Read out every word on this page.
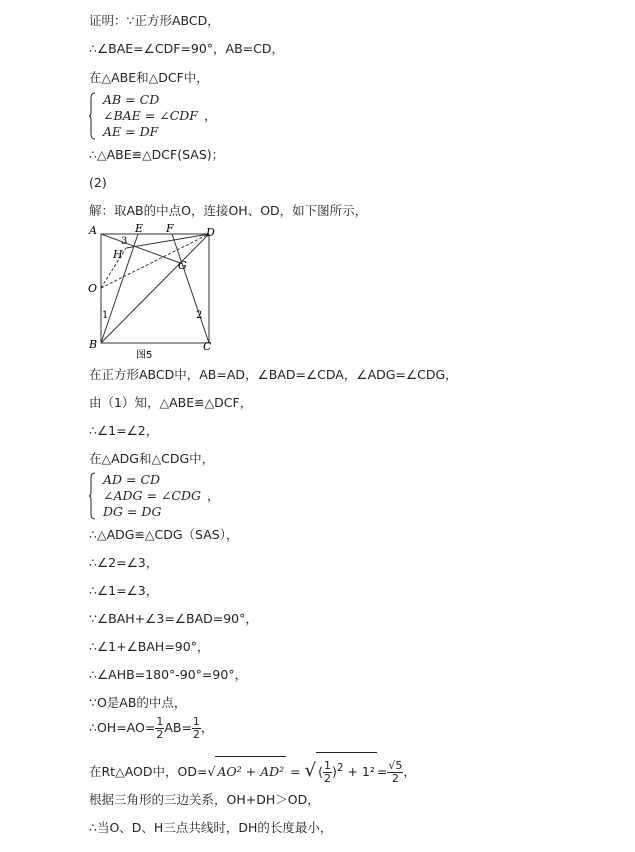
证明：∵正方形ABCD，
∴∠BAE=∠CDF=90°，AB=CD，
在△ABE和△DCF中，
AB = CD
∠BAE = ∠CDF ，
AE = DF
∴△ABE≌△DCF(SAS)；
(2)
解：取AB的中点O，连接OH、OD，如下图所示，
A	E F	D
3
H
G
O
1	2
B	C
图5
在正方形ABCD中，AB=AD，∠BAD=∠CDA，∠ADG=∠CDG，
由（1）知，△ABE≌△DCF，
∴∠1=∠2，
在△ADG和△CDG中，
AD = CD
∠ADG = ∠CDG ，
DG = DG
∴△ADG≌△CDG（SAS），
∴∠2=∠3，
∴∠1=∠3，
∵∠BAH+∠3=∠BAD=90°，
∴∠1+∠BAH=90°，
∴∠AHB=180°-90°=90°，
∵O是AB的中点，
∴OH=AO= $\frac{1}{2} AB= \frac{1}{2}$ ，
在Rt△AOD中，OD=√ AO² + AD² = √ ( $\frac{1}{2} )^2 + 1^2 = \frac{√5}{2}$ ，
根据三角形的三边关系，OH+DH＞OD，
∴当O、D、H三点共线时，DH的长度最小，
